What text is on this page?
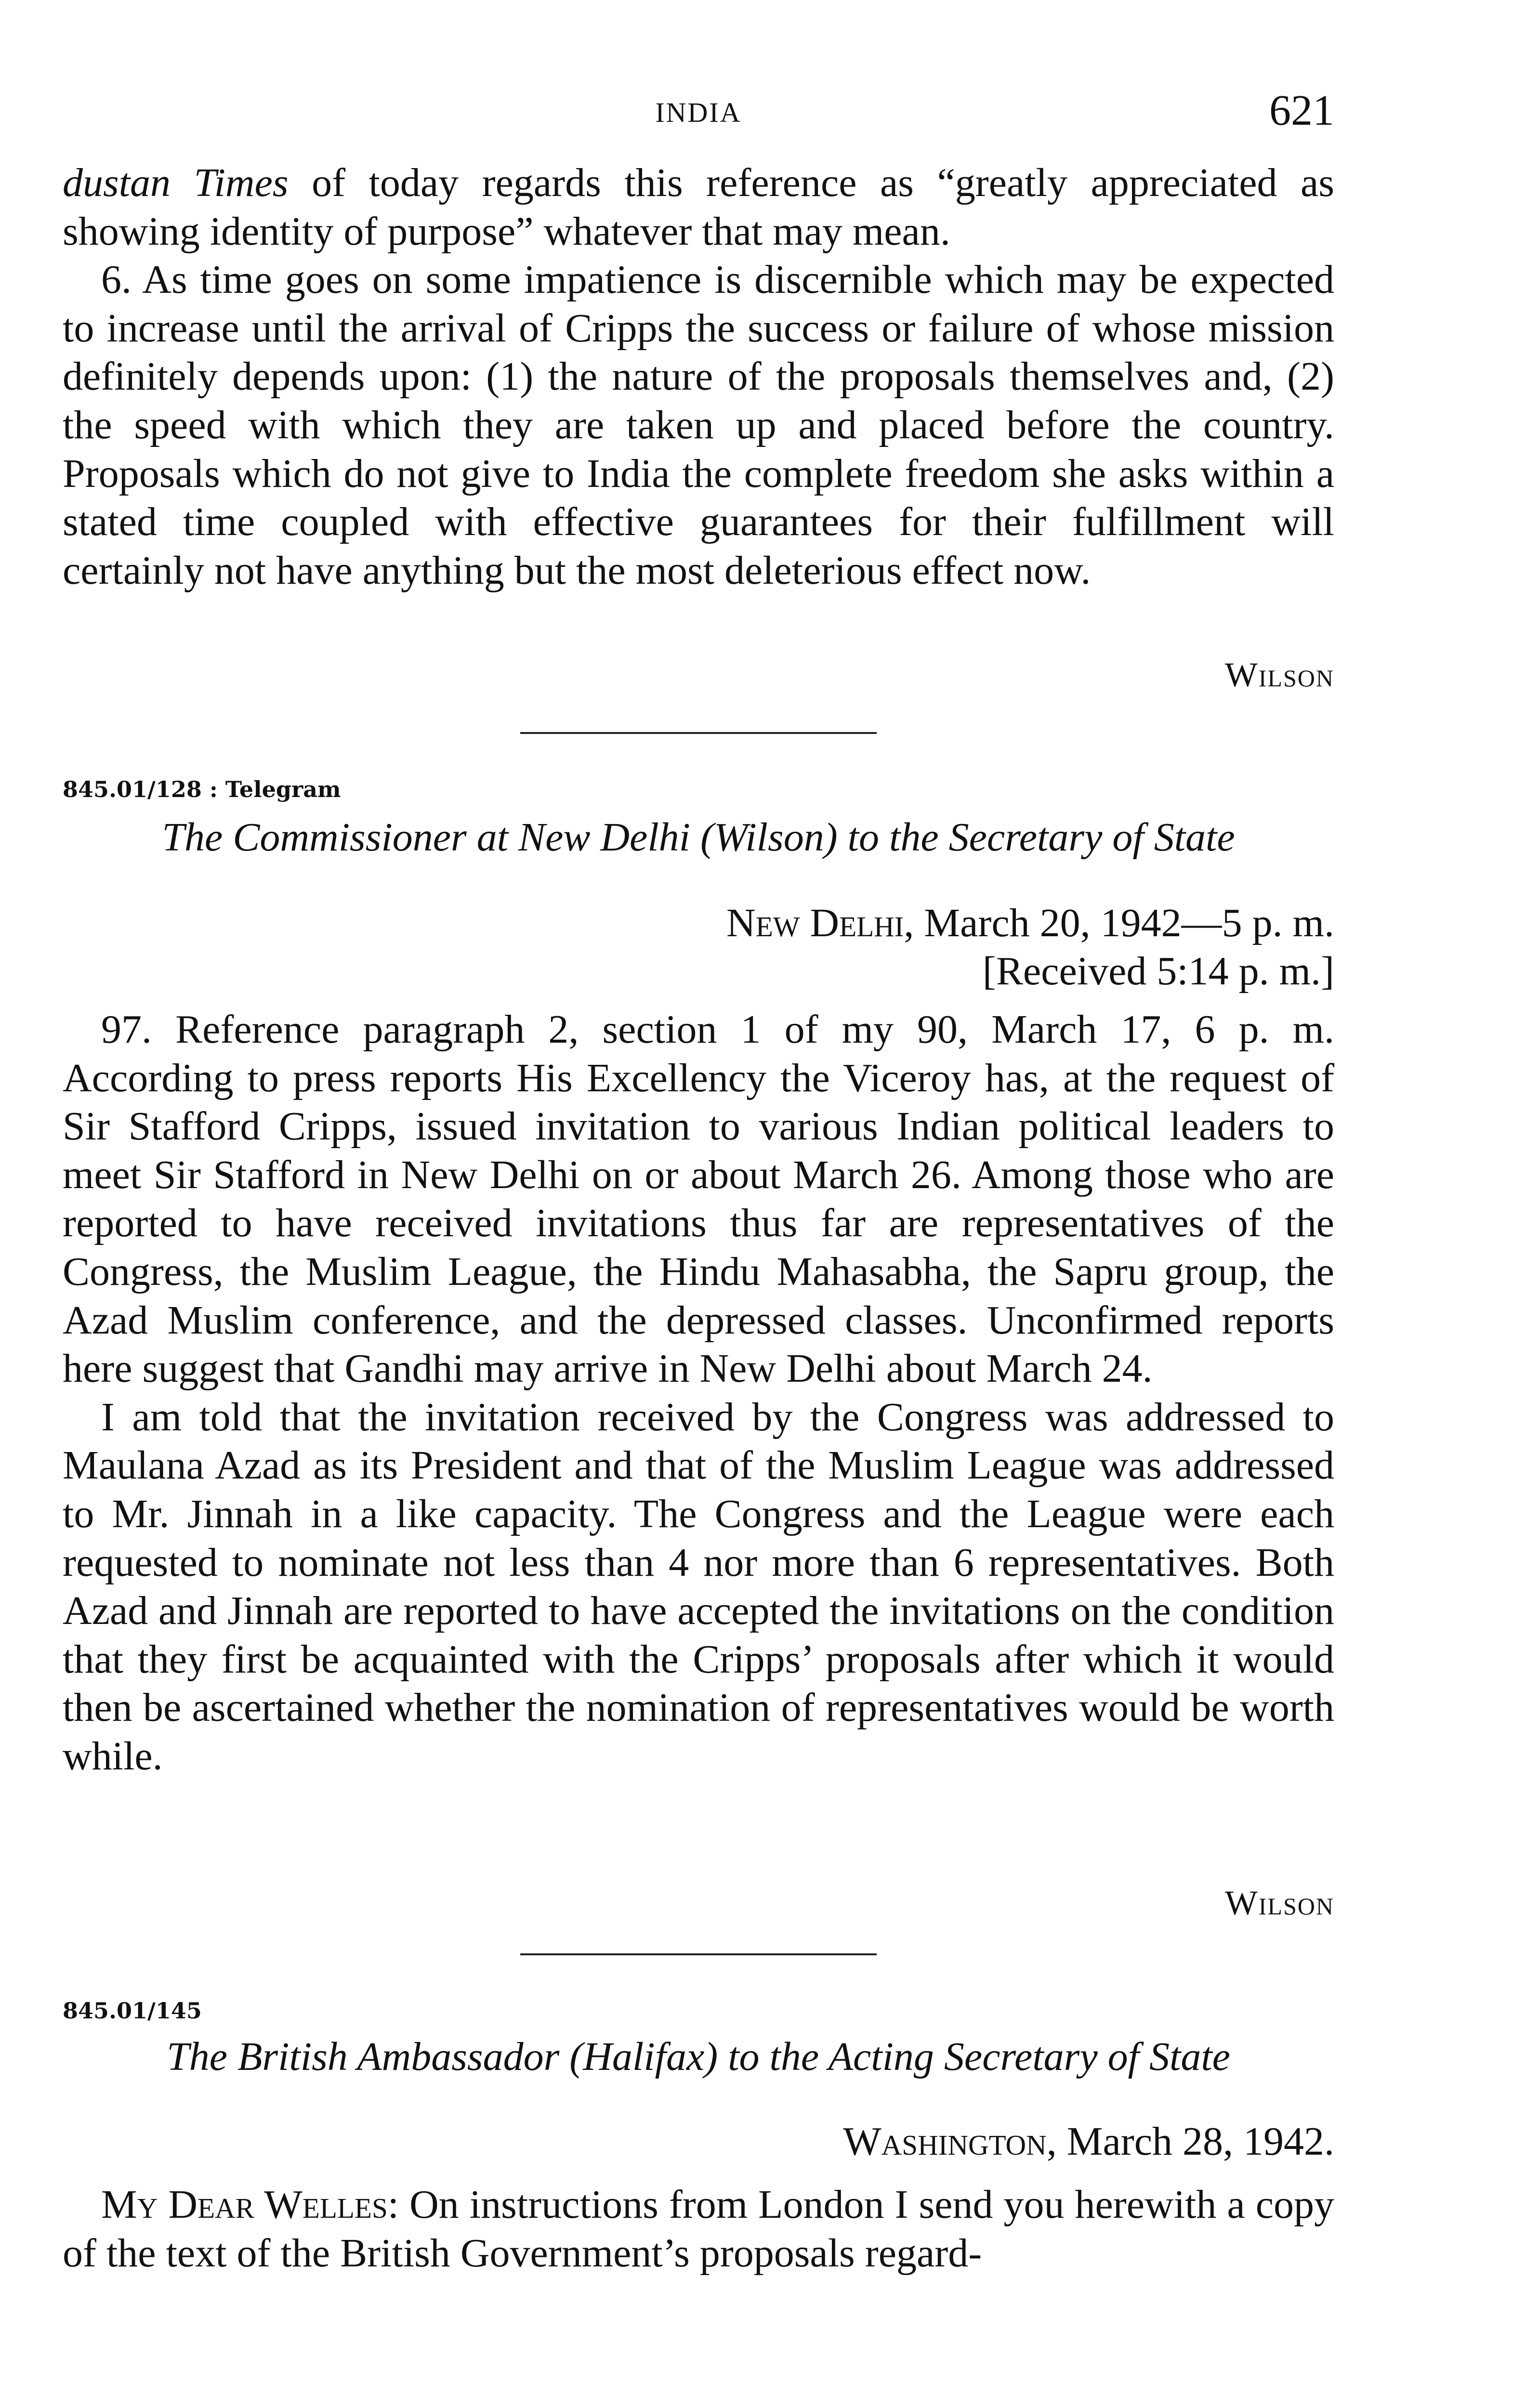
INDIA	621

dustan Times of today regards this reference as “greatly appreciated as showing identity of purpose” whatever that may mean.

6. As time goes on some impatience is discernible which may be expected to increase until the arrival of Cripps the success or failure of whose mission definitely depends upon: (1) the nature of the proposals themselves and, (2) the speed with which they are taken up and placed before the country. Proposals which do not give to India the complete freedom she asks within a stated time coupled with effective guarantees for their fulfillment will certainly not have anything but the most deleterious effect now.

Wilson
845.01/128 : Telegram
The Commissioner at New Delhi (Wilson) to the Secretary of State
New Delhi, March 20, 1942—5 p. m.
[Received 5:14 p. m.]

97. Reference paragraph 2, section 1 of my 90, March 17, 6 p. m. According to press reports His Excellency the Viceroy has, at the request of Sir Stafford Cripps, issued invitation to various Indian political leaders to meet Sir Stafford in New Delhi on or about March 26. Among those who are reported to have received invitations thus far are representatives of the Congress, the Muslim League, the Hindu Mahasabha, the Sapru group, the Azad Muslim conference, and the depressed classes. Unconfirmed reports here suggest that Gandhi may arrive in New Delhi about March 24.

I am told that the invitation received by the Congress was addressed to Maulana Azad as its President and that of the Muslim League was addressed to Mr. Jinnah in a like capacity. The Congress and the League were each requested to nominate not less than 4 nor more than 6 representatives. Both Azad and Jinnah are reported to have accepted the invitations on the condition that they first be acquainted with the Cripps’ proposals after which it would then be ascertained whether the nomination of representatives would be worth while.

Wilson
845.01/145
The British Ambassador (Halifax) to the Acting Secretary of State
Washington, March 28, 1942.

My Dear Welles: On instructions from London I send you herewith a copy of the text of the British Government’s proposals regard-
